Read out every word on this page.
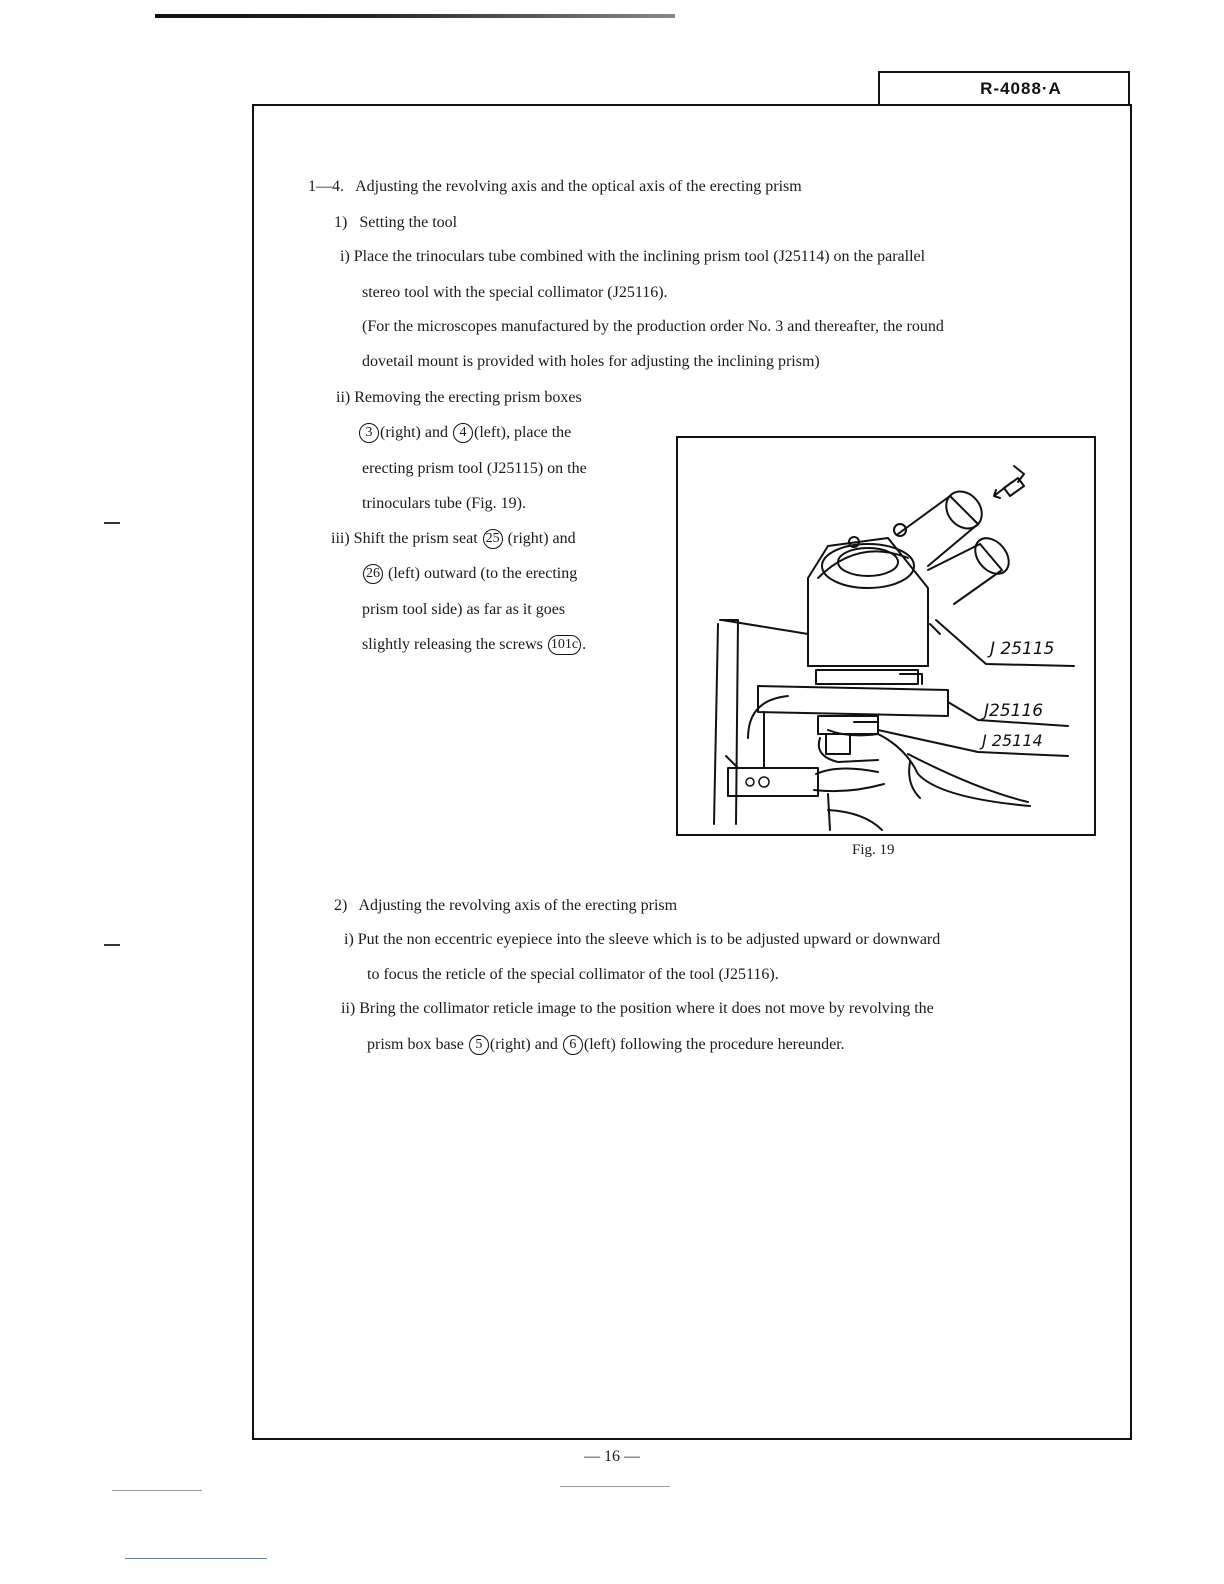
R-4088·A
1—4. Adjusting the revolving axis and the optical axis of the erecting prism
1) Setting the tool
i) Place the trinoculars tube combined with the inclining prism tool (J25114) on the parallel
stereo tool with the special collimator (J25116).
(For the microscopes manufactured by the production order No. 3 and thereafter, the round
dovetail mount is provided with holes for adjusting the inclining prism)
ii) Removing the erecting prism boxes
3 (right) and 4 (left), place the
erecting prism tool (J25115) on the
trinoculars tube (Fig. 19).
iii) Shift the prism seat 25 (right) and
26 (left) outward (to the erecting
prism tool side) as far as it goes
slightly releasing the screws 101c .	J 25115
J25116
J 25114
Fig. 19
2) Adjusting the revolving axis of the erecting prism
i) Put the non eccentric eyepiece into the sleeve which is to be adjusted upward or downward
to focus the reticle of the special collimator of the tool (J25116).
ii) Bring the collimator reticle image to the position where it does not move by revolving the
prism box base 5 (right) and 6 (left) following the procedure hereunder.
— 16 —
